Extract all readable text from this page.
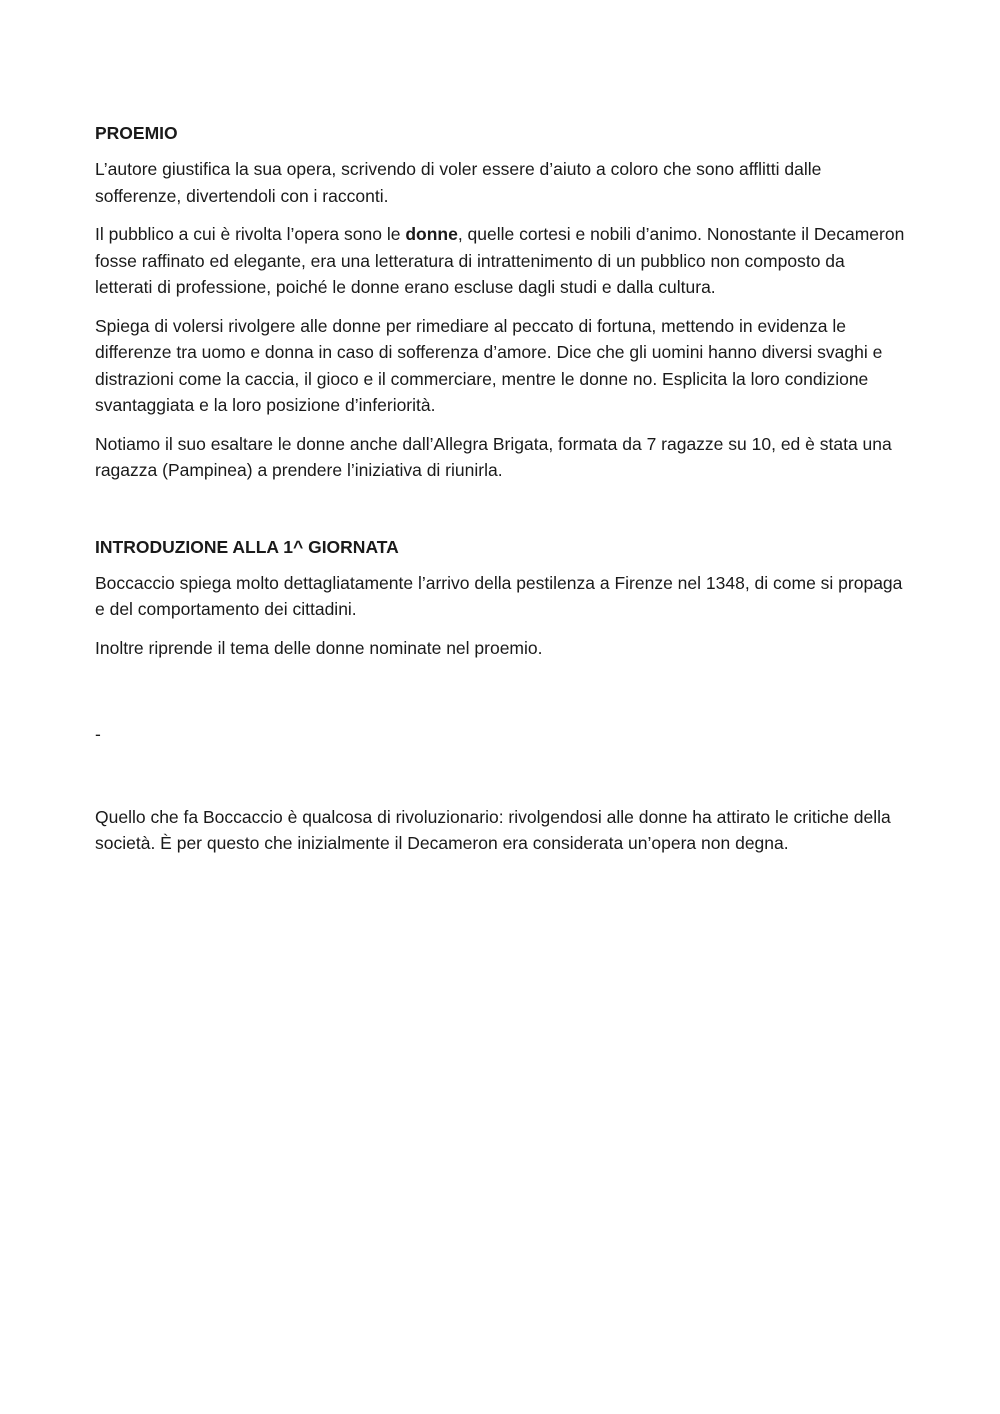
PROEMIO

L’autore giustifica la sua opera, scrivendo di voler essere d’aiuto a coloro che sono afflitti dalle sofferenze, divertendoli con i racconti.

Il pubblico a cui è rivolta l’opera sono le donne, quelle cortesi e nobili d’animo. Nonostante il Decameron fosse raffinato ed elegante, era una letteratura di intrattenimento di un pubblico non composto da letterati di professione, poiché le donne erano escluse dagli studi e dalla cultura.

Spiega di volersi rivolgere alle donne per rimediare al peccato di fortuna, mettendo in evidenza le differenze tra uomo e donna in caso di sofferenza d’amore. Dice che gli uomini hanno diversi svaghi e distrazioni come la caccia, il gioco e il commerciare, mentre le donne no. Esplicita la loro condizione svantaggiata e la loro posizione d’inferiorità.

Notiamo il suo esaltare le donne anche dall’Allegra Brigata, formata da 7 ragazze su 10, ed è stata una ragazza (Pampinea) a prendere l’iniziativa di riunirla.

INTRODUZIONE ALLA 1^ GIORNATA

Boccaccio spiega molto dettagliatamente l’arrivo della pestilenza a Firenze nel 1348, di come si propaga e del comportamento dei cittadini.

Inoltre riprende il tema delle donne nominate nel proemio.

-

Quello che fa Boccaccio è qualcosa di rivoluzionario: rivolgendosi alle donne ha attirato le critiche della società. È per questo che inizialmente il Decameron era considerata un’opera non degna.
